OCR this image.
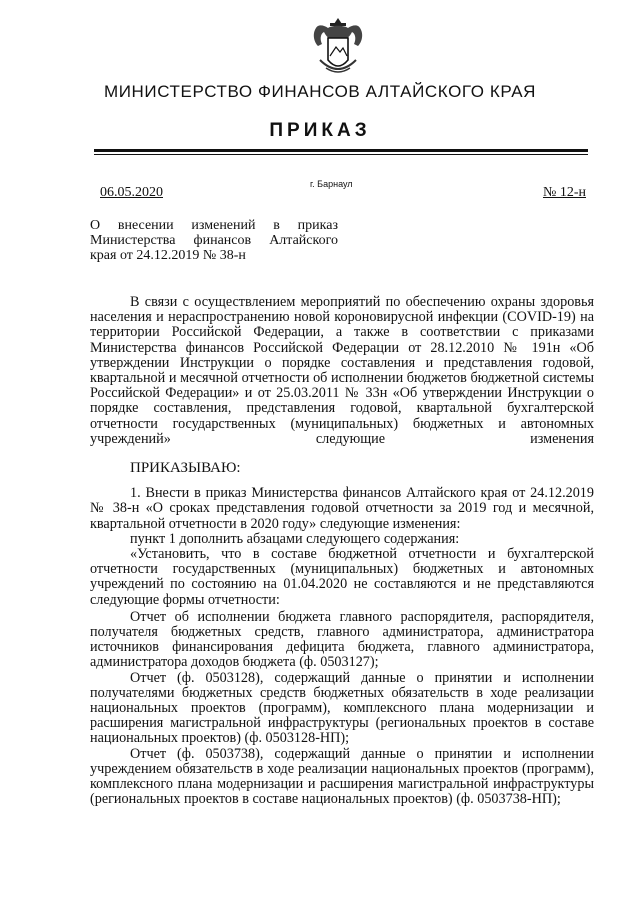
МИНИСТЕРСТВО ФИНАНСОВ АЛТАЙСКОГО КРАЯ
ПРИКАЗ
г. Барнаул
06.05.2020	№ 12-н
О внесении изменений в приказ Министерства финансов Алтайского края от 24.12.2019 № 38-н

В связи с осуществлением мероприятий по обеспечению охраны здоровья населения и нераспространению новой короновирусной инфекции (COVID-19) на территории Российской Федерации, а также в соответствии с приказами Министерства финансов Российской Федерации от 28.12.2010 № 191н «Об утверждении Инструкции о порядке составления и представления годовой, квартальной и месячной отчетности об исполнении бюджетов бюджетной системы Российской Федерации» и от 25.03.2011 № 33н «Об утверждении Инструкции о порядке составления, представления годовой, квартальной бухгалтерской отчетности государственных (муниципальных) бюджетных и автономных учреждений» следующие изменения

ПРИКАЗЫВАЮ:

1. Внести в приказ Министерства финансов Алтайского края от 24.12.2019 № 38-н «О сроках представления годовой отчетности за 2019 год и месячной, квартальной отчетности в 2020 году» следующие изменения:

пункт 1 дополнить абзацами следующего содержания:

«Установить, что в составе бюджетной отчетности и бухгалтерской отчетности государственных (муниципальных) бюджетных и автономных учреждений по состоянию на 01.04.2020 не составляются и не представляются следующие формы отчетности:

Отчет об исполнении бюджета главного распорядителя, распорядителя, получателя бюджетных средств, главного администратора, администратора источников финансирования дефицита бюджета, главного администратора, администратора доходов бюджета (ф. 0503127);

Отчет (ф. 0503128), содержащий данные о принятии и исполнении получателями бюджетных средств бюджетных обязательств в ходе реализации национальных проектов (программ), комплексного плана модернизации и расширения магистральной инфраструктуры (региональных проектов в составе национальных проектов) (ф. 0503128-НП);

Отчет (ф. 0503738), содержащий данные о принятии и исполнении учреждением обязательств в ходе реализации национальных проектов (программ), комплексного плана модернизации и расширения магистральной инфраструктуры (региональных проектов в составе национальных проектов) (ф. 0503738-НП);
